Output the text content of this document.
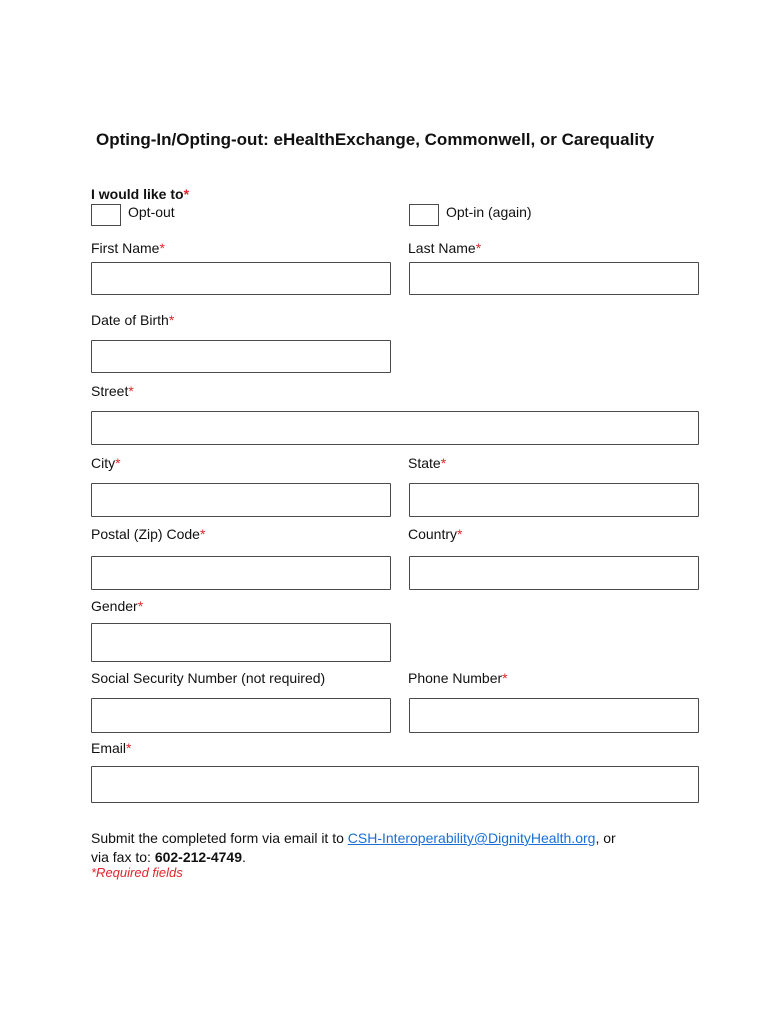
Opting-In/Opting-out: eHealthExchange, Commonwell, or Carequality
I would like to*
Opt-out	Opt-in (again)
First Name*	Last Name*
Date of Birth*
Street*
City*	State*
Postal (Zip) Code*	Country*
Gender*
Social Security Number (not required)	Phone Number*
Email*
Submit the completed form via email it to CSH-Interoperability@DignityHealth.org, or
via fax to: 602-212-4749.
*Required fields
